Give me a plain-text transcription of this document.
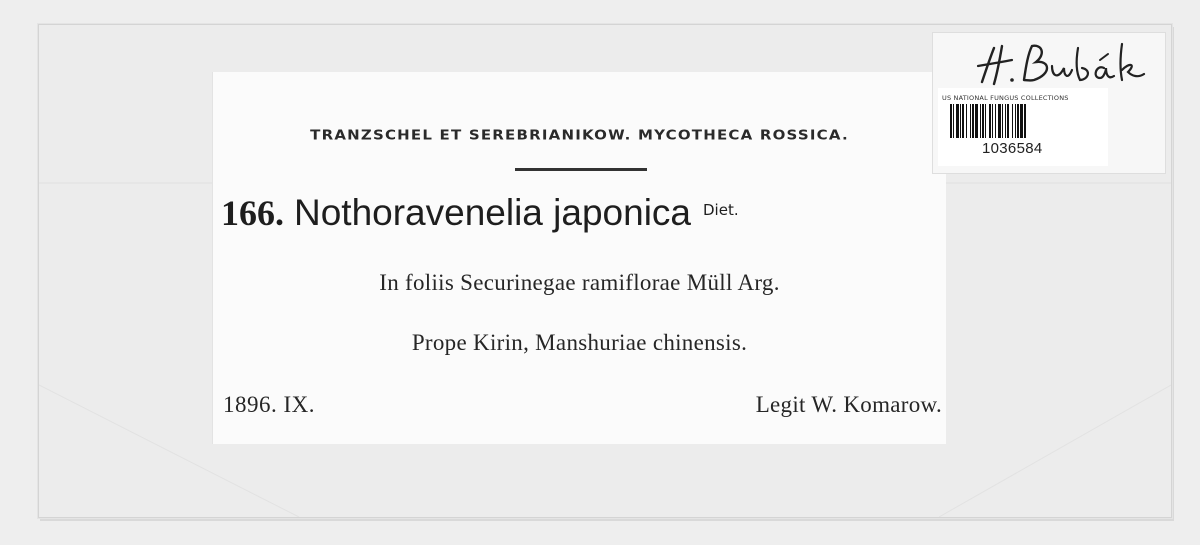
TRANZSCHEL ET SEREBRIANIKOW. MYCOTHECA ROSSICA.
166. Nothoravenelia japonica Diet.
In foliis Securinegae ramiflorae Müll Arg.
Prope Kirin, Manshuriae chinensis.
1896. IX.	Legit W. Komarow.
US NATIONAL FUNGUS COLLECTIONS
1036584
